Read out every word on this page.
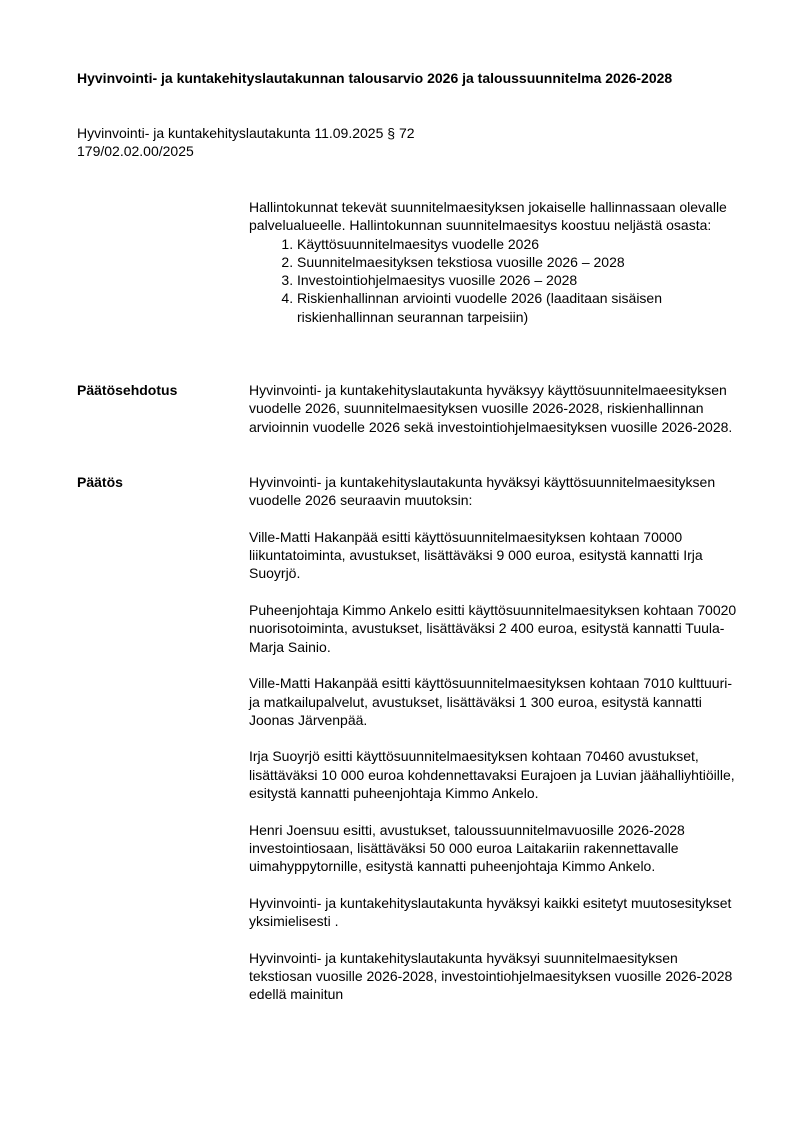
Hyvinvointi- ja kuntakehityslautakunnan talousarvio 2026 ja taloussuunnitelma 2026-2028
Hyvinvointi- ja kuntakehityslautakunta 11.09.2025 § 72
179/02.02.00/2025

Hallintokunnat tekevät suunnitelmaesityksen jokaiselle hallinnassaan olevalle palvelualueelle. Hallintokunnan suunnitelmaesitys koostuu neljästä osasta:

1. Käyttösuunnitelmaesitys vuodelle 2026
2. Suunnitelmaesityksen tekstiosa vuosille 2026 – 2028
3. Investointiohjelmaesitys vuosille 2026 – 2028
4. Riskienhallinnan arviointi vuodelle 2026 (laaditaan sisäisen riskienhallinnan seurannan tarpeisiin)
Päätösehdotus	Hyvinvointi- ja kuntakehityslautakunta hyväksyy käyttösuunnitelmaeesityksen vuodelle 2026, suunnitelmaesityksen vuosille 2026-2028, riskienhallinnan arvioinnin vuodelle 2026 sekä investointiohjelmaesityksen vuosille 2026-2028.

Päätös	Hyvinvointi- ja kuntakehityslautakunta hyväksyi käyttösuunnitelmaesityksen vuodelle 2026 seuraavin muutoksin:

Ville-Matti Hakanpää esitti käyttösuunnitelmaesityksen kohtaan 70000 liikuntatoiminta, avustukset, lisättäväksi 9 000 euroa, esitystä kannatti Irja Suoyrjö.

Puheenjohtaja Kimmo Ankelo esitti käyttösuunnitelmaesityksen kohtaan 70020 nuorisotoiminta, avustukset, lisättäväksi 2 400 euroa, esitystä kannatti Tuula-Marja Sainio.

Ville-Matti Hakanpää esitti käyttösuunnitelmaesityksen kohtaan 7010 kulttuuri- ja matkailupalvelut, avustukset, lisättäväksi 1 300 euroa, esitystä kannatti Joonas Järvenpää.

Irja Suoyrjö esitti käyttösuunnitelmaesityksen kohtaan 70460 avustukset, lisättäväksi 10 000 euroa kohdennettavaksi Eurajoen ja Luvian jäähalliyhtiöille, esitystä kannatti puheenjohtaja Kimmo Ankelo.

Henri Joensuu esitti, avustukset, taloussuunnitelmavuosille 2026-2028 investointiosaan, lisättäväksi 50 000 euroa Laitakariin rakennettavalle uimahyppytornille, esitystä kannatti puheenjohtaja Kimmo Ankelo.

Hyvinvointi- ja kuntakehityslautakunta hyväksyi kaikki esitetyt muutosesitykset yksimielisesti .

Hyvinvointi- ja kuntakehityslautakunta hyväksyi suunnitelmaesityksen tekstiosan vuosille 2026-2028, investointiohjelmaesityksen vuosille 2026-2028 edellä mainitun
